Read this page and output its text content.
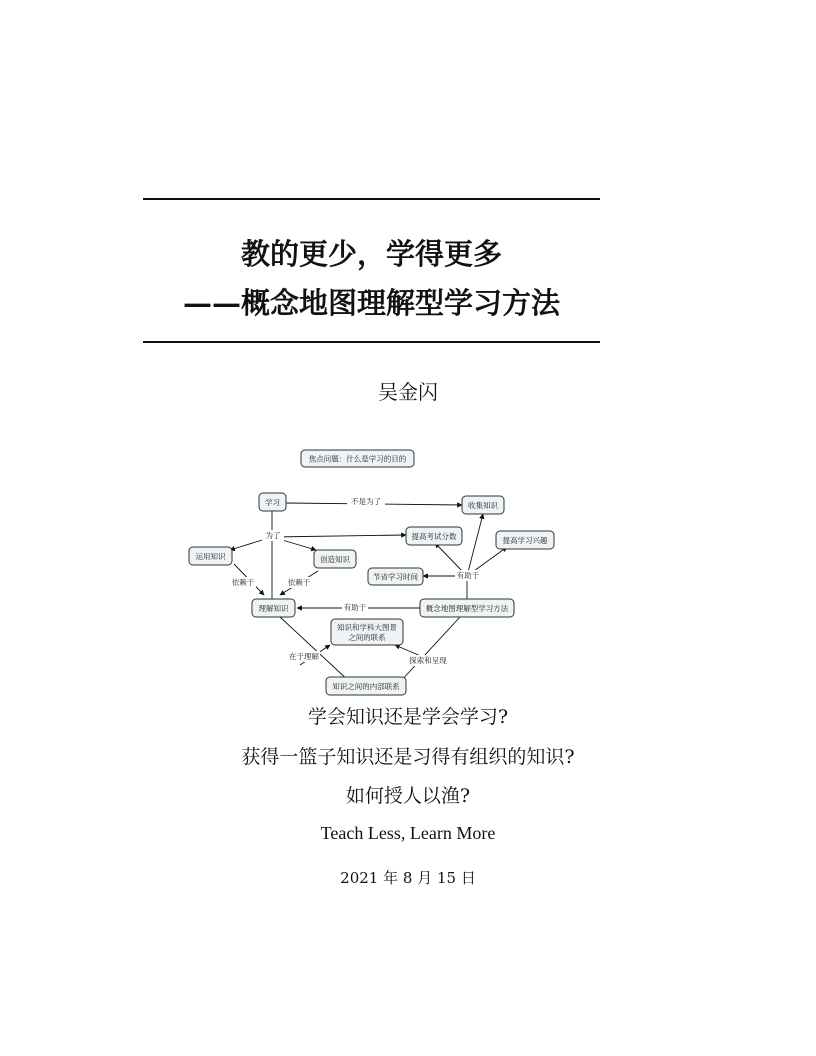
教的更少，学得更多
——概念地图理解型学习方法
吴金闪
不是为了
为了
依赖于	依赖于
有助于
有助于
在于理解	探索和呈现
焦点问题：什么是学习的目的
学习	收集知识
提高考试分数	提高学习兴趣
运用知识	创造知识
节省学习时间
理解知识	概念地图理解型学习方法
知识和学科大图景
之间的联系
知识之间的内部联系
学会知识还是学会学习?
获得一篮子知识还是习得有组织的知识?
如何授人以渔?
Teach Less, Learn More
2021 年 8 月 15 日
